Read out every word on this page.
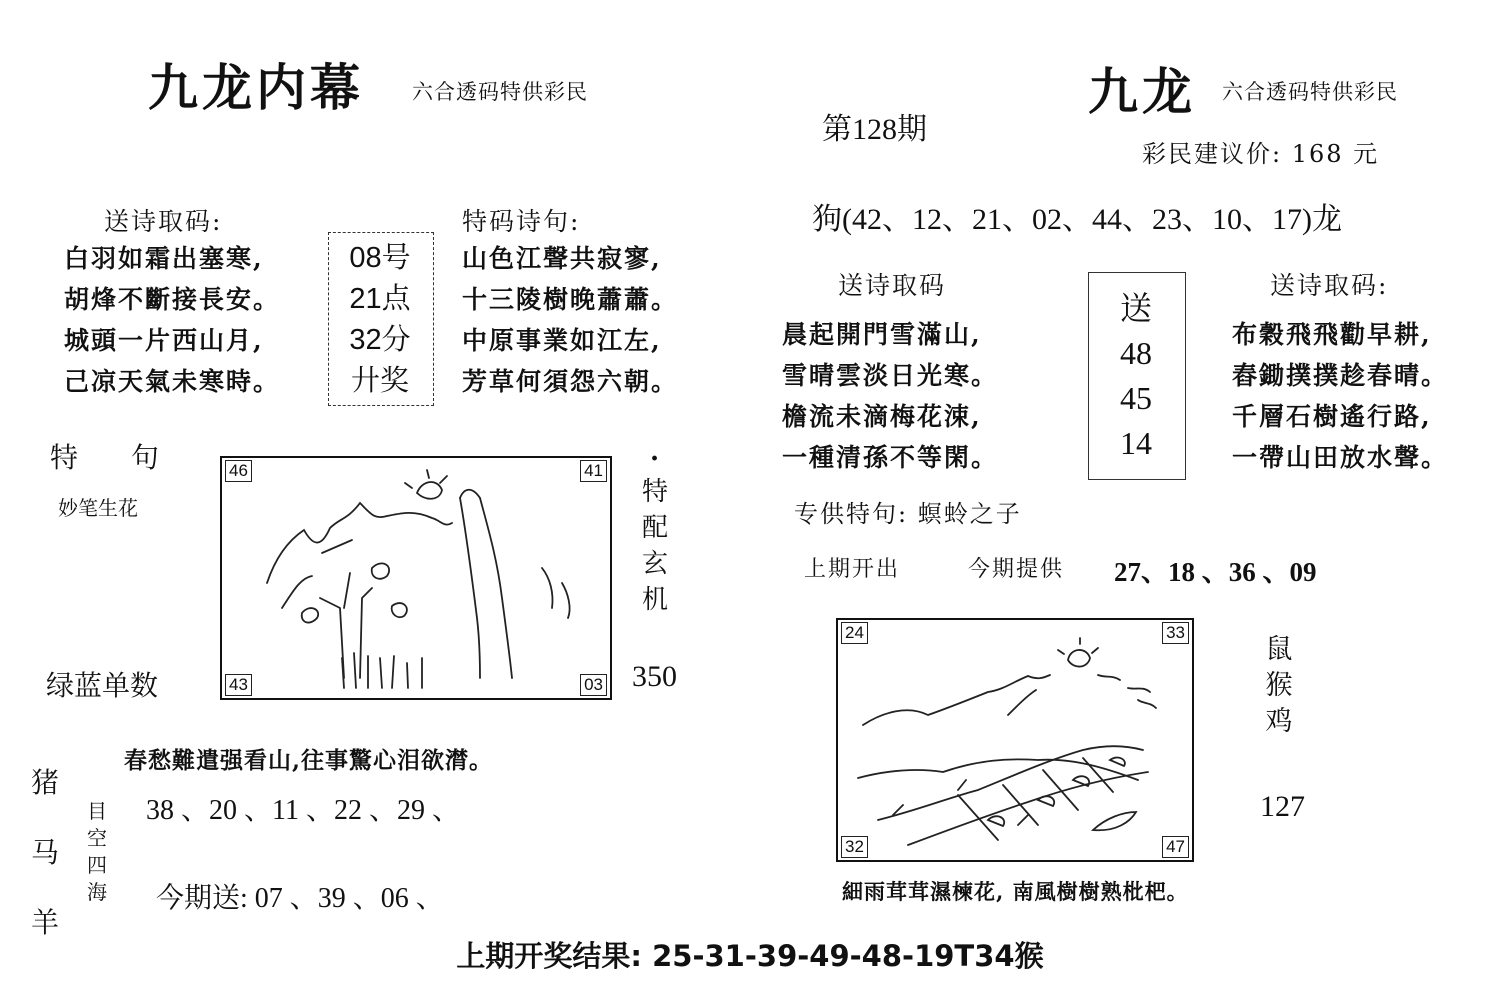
九龙内幕 六合透码特供彩民
送诗取码:
白羽如霜出塞寒,
胡烽不斷接長安。
城頭一片西山月,
己凉天氣未寒時。
08号
21点
32分
廾奖
特码诗句:
山色江聲共寂寥,
十三陵樹晚蕭蕭。
中原事業如江左,
芳草何須怨六朝。
特 句
妙笔生花
46	41
43	03
·
特配玄机
绿蓝单数	350
猪马羊
春愁難遣强看山,往事驚心泪欲潸。
目空四海
38 、20 、11 、22 、29 、
今期送: 07 、39 、06 、
九龙 六合透码特供彩民
第128期
彩民建议价: 168 元
狗(42、12、21、02、44、23、10、17)龙
送诗取码
晨起開門雪滿山,
雪晴雲淡日光寒。
檐流未滴梅花涑,
一種清孫不等閑。
送
48
45
14
送诗取码:
布穀飛飛勸早耕,
舂鋤撲撲趁春晴。
千層石樹遙行路,
一帶山田放水聲。
专供特句: 螟蛉之子
上期开出	今期提供 27、18 、36 、09
24	33
32	47
鼠猴鸡
127
細雨茸茸濕楝花, 南風樹樹熟枇杷。
上期开奖结果: 25-31-39-49-48-19T34猴
